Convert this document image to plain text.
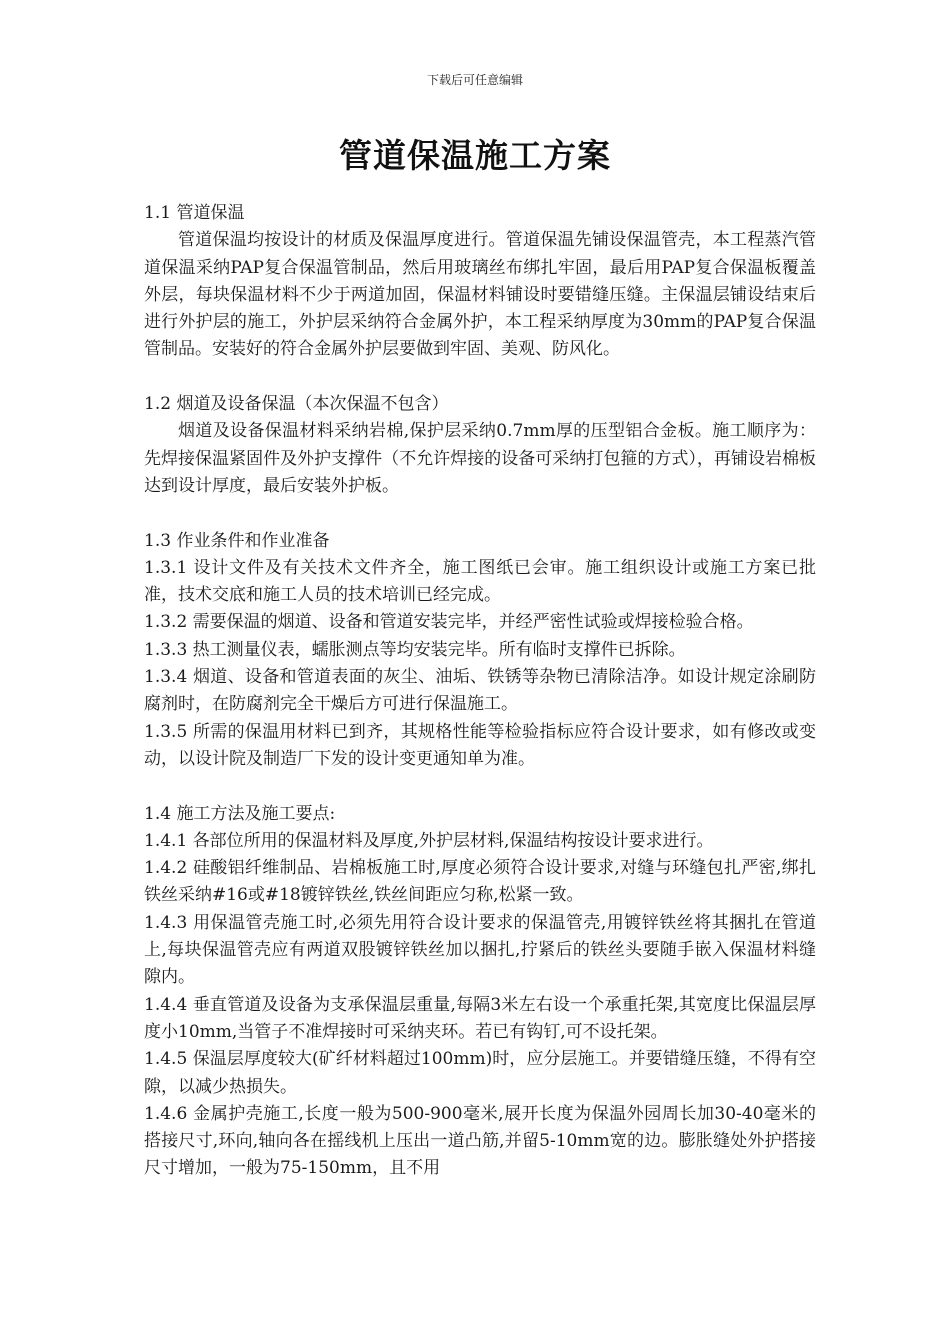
下载后可任意编辑
管道保温施工方案

1.1 管道保温

管道保温均按设计的材质及保温厚度进行。管道保温先铺设保温管壳，本工程蒸汽管道保温采纳PAP复合保温管制品，然后用玻璃丝布绑扎牢固，最后用PAP复合保温板覆盖外层，每块保温材料不少于两道加固，保温材料铺设时要错缝压缝。主保温层铺设结束后进行外护层的施工，外护层采纳符合金属外护，本工程采纳厚度为30mm的PAP复合保温管制品。安装好的符合金属外护层要做到牢固、美观、防风化。

1.2 烟道及设备保温（本次保温不包含）

烟道及设备保温材料采纳岩棉,保护层采纳0.7mm厚的压型铝合金板。施工顺序为：先焊接保温紧固件及外护支撑件（不允许焊接的设备可采纳打包箍的方式），再铺设岩棉板达到设计厚度，最后安装外护板。

1.3 作业条件和作业准备

1.3.1 设计文件及有关技术文件齐全，施工图纸已会审。施工组织设计或施工方案已批准，技术交底和施工人员的技术培训已经完成。

1.3.2 需要保温的烟道、设备和管道安装完毕，并经严密性试验或焊接检验合格。

1.3.3 热工测量仪表，蠕胀测点等均安装完毕。所有临时支撑件已拆除。

1.3.4 烟道、设备和管道表面的灰尘、油垢、铁锈等杂物已清除洁净。如设计规定涂刷防腐剂时，在防腐剂完全干燥后方可进行保温施工。

1.3.5 所需的保温用材料已到齐，其规格性能等检验指标应符合设计要求，如有修改或变动，以设计院及制造厂下发的设计变更通知单为准。

1.4 施工方法及施工要点:

1.4.1 各部位所用的保温材料及厚度,外护层材料,保温结构按设计要求进行。

1.4.2 硅酸铝纤维制品、岩棉板施工时,厚度必须符合设计要求,对缝与环缝包扎严密,绑扎铁丝采纳#16或#18镀锌铁丝,铁丝间距应匀称,松紧一致。

1.4.3 用保温管壳施工时,必须先用符合设计要求的保温管壳,用镀锌铁丝将其捆扎在管道上,每块保温管壳应有两道双股镀锌铁丝加以捆扎,拧紧后的铁丝头要随手嵌入保温材料缝隙内。

1.4.4 垂直管道及设备为支承保温层重量,每隔3米左右设一个承重托架,其宽度比保温层厚度小10mm,当管子不准焊接时可采纳夹环。若已有钩钉,可不设托架。

1.4.5 保温层厚度较大(矿纤材料超过100mm)时，应分层施工。并要错缝压缝，不得有空隙，以减少热损失。

1.4.6 金属护壳施工,长度一般为500-900毫米,展开长度为保温外园周长加30-40毫米的搭接尺寸,环向,轴向各在摇线机上压出一道凸筋,并留5-10mm宽的边。膨胀缝处外护搭接尺寸增加，一般为75-150mm，且不用
